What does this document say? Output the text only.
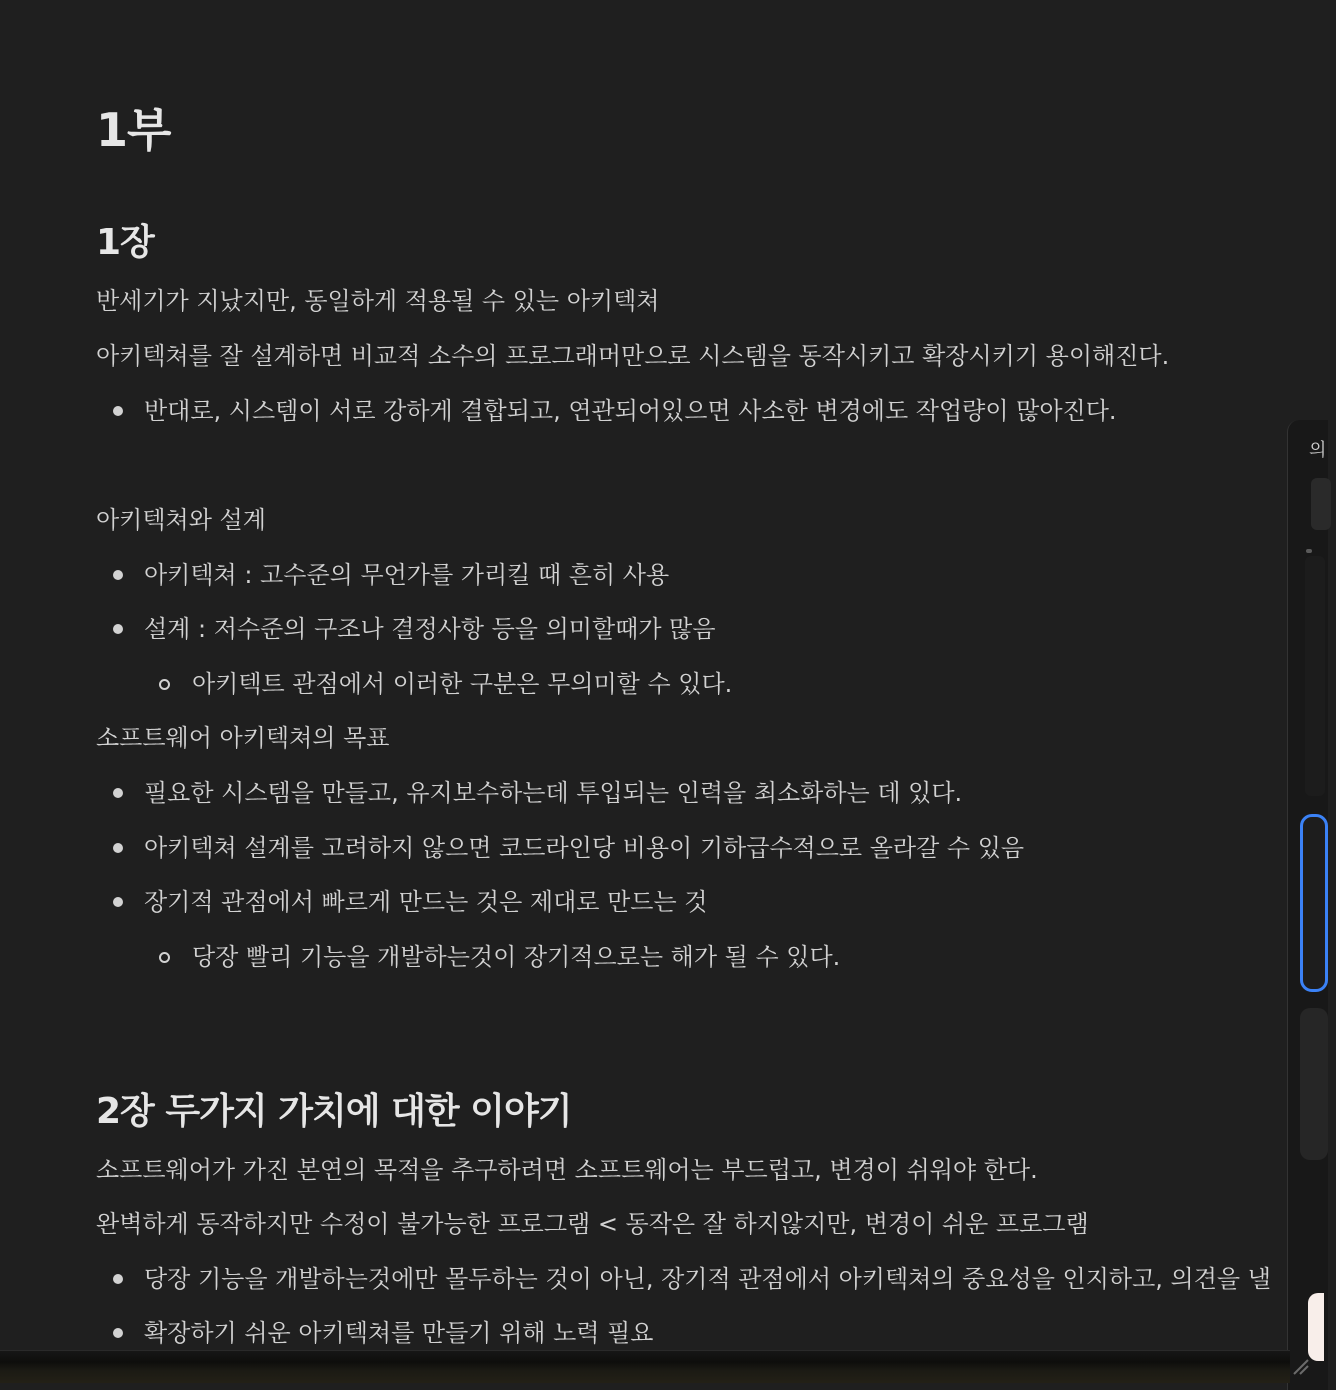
1부
1장
반세기가 지났지만, 동일하게 적용될 수 있는 아키텍쳐
아키텍쳐를 잘 설계하면 비교적 소수의 프로그래머만으로 시스템을 동작시키고 확장시키기 용이해진다.
반대로, 시스템이 서로 강하게 결합되고, 연관되어있으면 사소한 변경에도 작업량이 많아진다.
아키텍쳐와 설계
아키텍쳐 : 고수준의 무언가를 가리킬 때 흔히 사용
설계 : 저수준의 구조나 결정사항 등을 의미할때가 많음
아키텍트 관점에서 이러한 구분은 무의미할 수 있다.
소프트웨어 아키텍쳐의 목표
필요한 시스템을 만들고, 유지보수하는데 투입되는 인력을 최소화하는 데 있다.
아키텍쳐 설계를 고려하지 않으면 코드라인당 비용이 기하급수적으로 올라갈 수 있음
장기적 관점에서 빠르게 만드는 것은 제대로 만드는 것
당장 빨리 기능을 개발하는것이 장기적으로는 해가 될 수 있다.
2장 두가지 가치에 대한 이야기
소프트웨어가 가진 본연의 목적을 추구하려면 소프트웨어는 부드럽고, 변경이 쉬워야 한다.
완벽하게 동작하지만 수정이 불가능한 프로그램 < 동작은 잘 하지않지만, 변경이 쉬운 프로그램
당장 기능을 개발하는것에만 몰두하는 것이 아닌, 장기적 관점에서 아키텍쳐의 중요성을 인지하고, 의견을 낼
확장하기 쉬운 아키텍쳐를 만들기 위해 노력 필요
의
